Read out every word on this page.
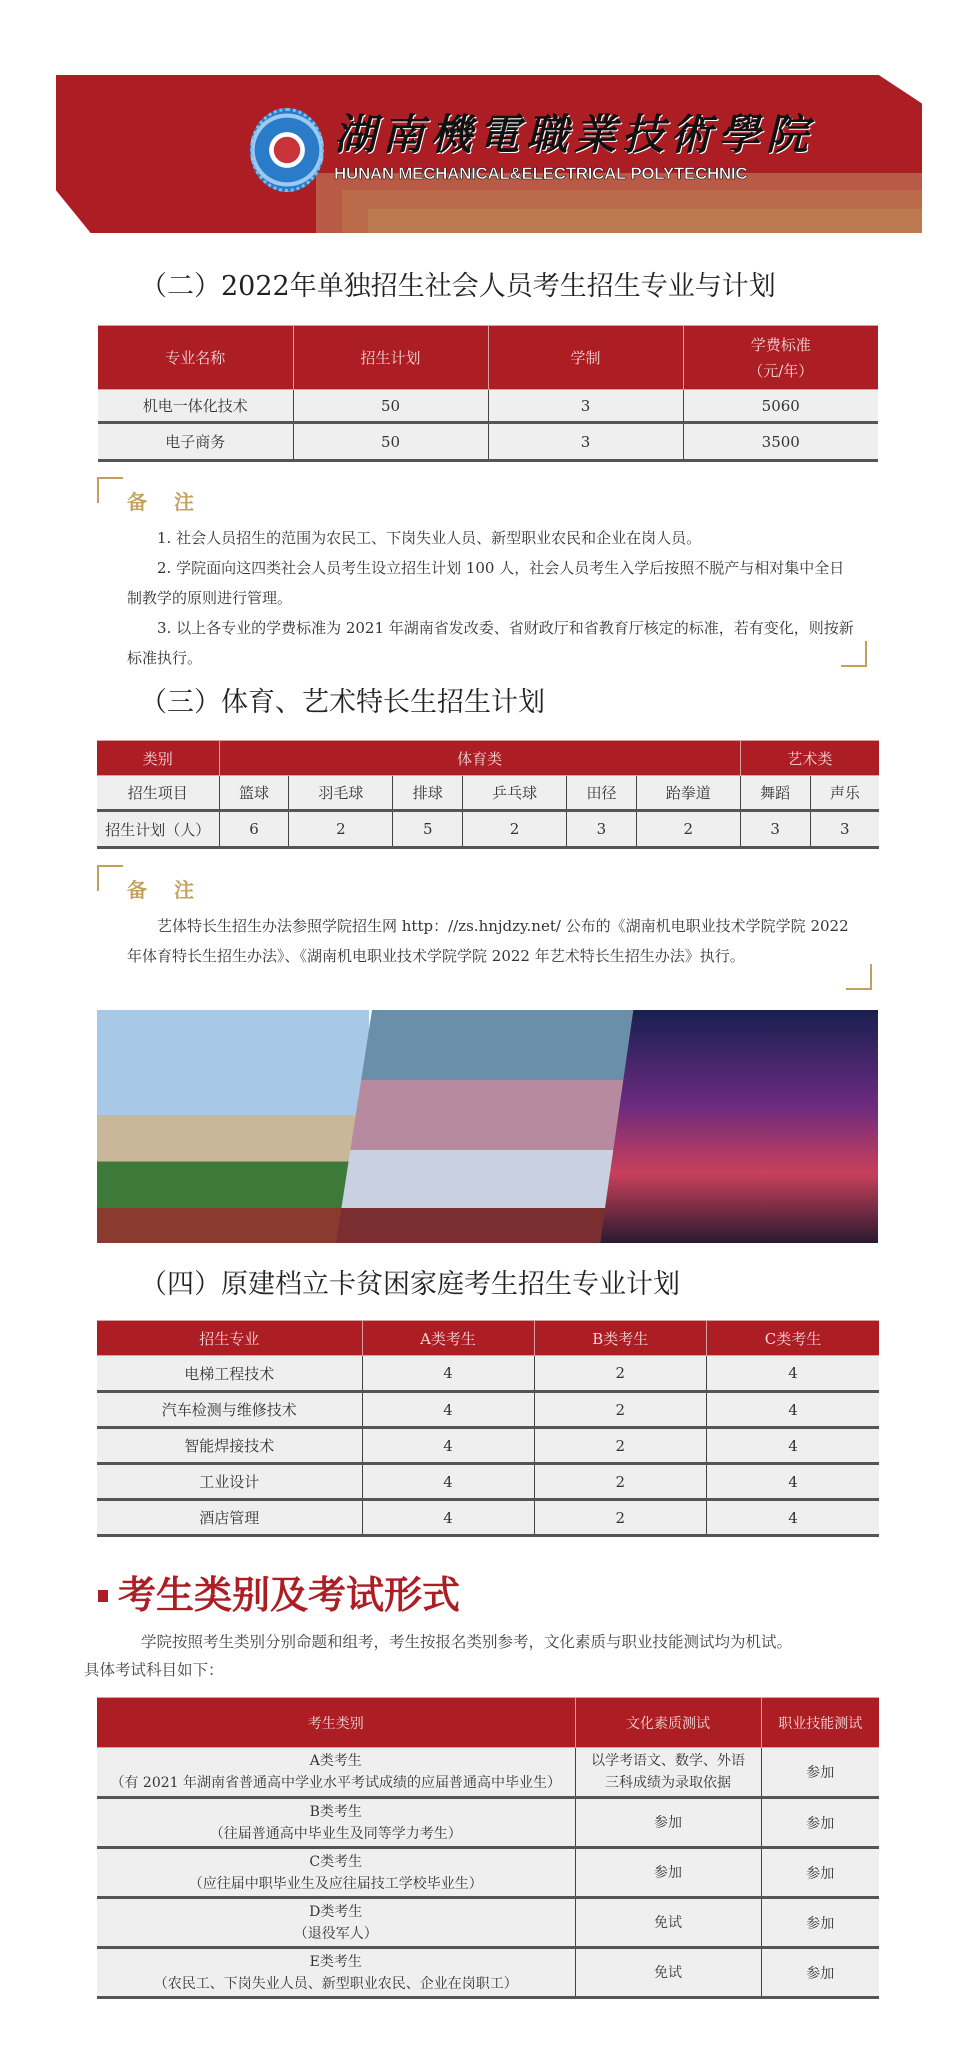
湖南機電職業技術學院
HUNAN MECHANICAL&ELECTRICAL POLYTECHNIC
（二）2022年单独招生社会人员考生招生专业与计划
专业名称	招生计划	学制	学费标准
（元/年）
机电一体化技术	50	3	5060
电子商务	50	3	3500
备 注

1. 社会人员招生的范围为农民工、下岗失业人员、新型职业农民和企业在岗人员。

2. 学院面向这四类社会人员考生设立招生计划 100 人，社会人员考生入学后按照不脱产与相对集中全日制教学的原则进行管理。

3. 以上各专业的学费标准为 2021 年湖南省发改委、省财政厅和省教育厅核定的标准，若有变化，则按新标准执行。

（三）体育、艺术特长生招生计划
类别	体育类						艺术类	
招生项目	篮球	羽毛球	排球	乒乓球	田径	跆拳道	舞蹈	声乐
招生计划（人）	6	2	5	2	3	2	3	3
备 注

艺体特长生招生办法参照学院招生网 http：//zs.hnjdzy.net/ 公布的《湖南机电职业技术学院学院 2022 年体育特长生招生办法》、《湖南机电职业技术学院学院 2022 年艺术特长生招生办法》执行。

（四）原建档立卡贫困家庭考生招生专业计划
招生专业	A类考生	B类考生	C类考生
电梯工程技术	4	2	4
汽车检测与维修技术	4	2	4
智能焊接技术	4	2	4
工业设计	4	2	4
酒店管理	4	2	4
考生类别及考试形式

学院按照考生类别分别命题和组考，考生按报名类别参考，文化素质与职业技能测试均为机试。

具体考试科目如下：

考生类别	文化素质测试	职业技能测试

A类考生
（有 2021 年湖南省普通高中学业水平考试成绩的应届普通高中毕业生）	以学考语文、数学、外语三科成绩为录取依据	参加

B类考生
（往届普通高中毕业生及同等学力考生）	参加	参加

C类考生
（应往届中职毕业生及应往届技工学校毕业生）	参加	参加

D类考生
（退役军人）	免试	参加

E类考生
（农民工、下岗失业人员、新型职业农民、企业在岗职工）	免试	参加
